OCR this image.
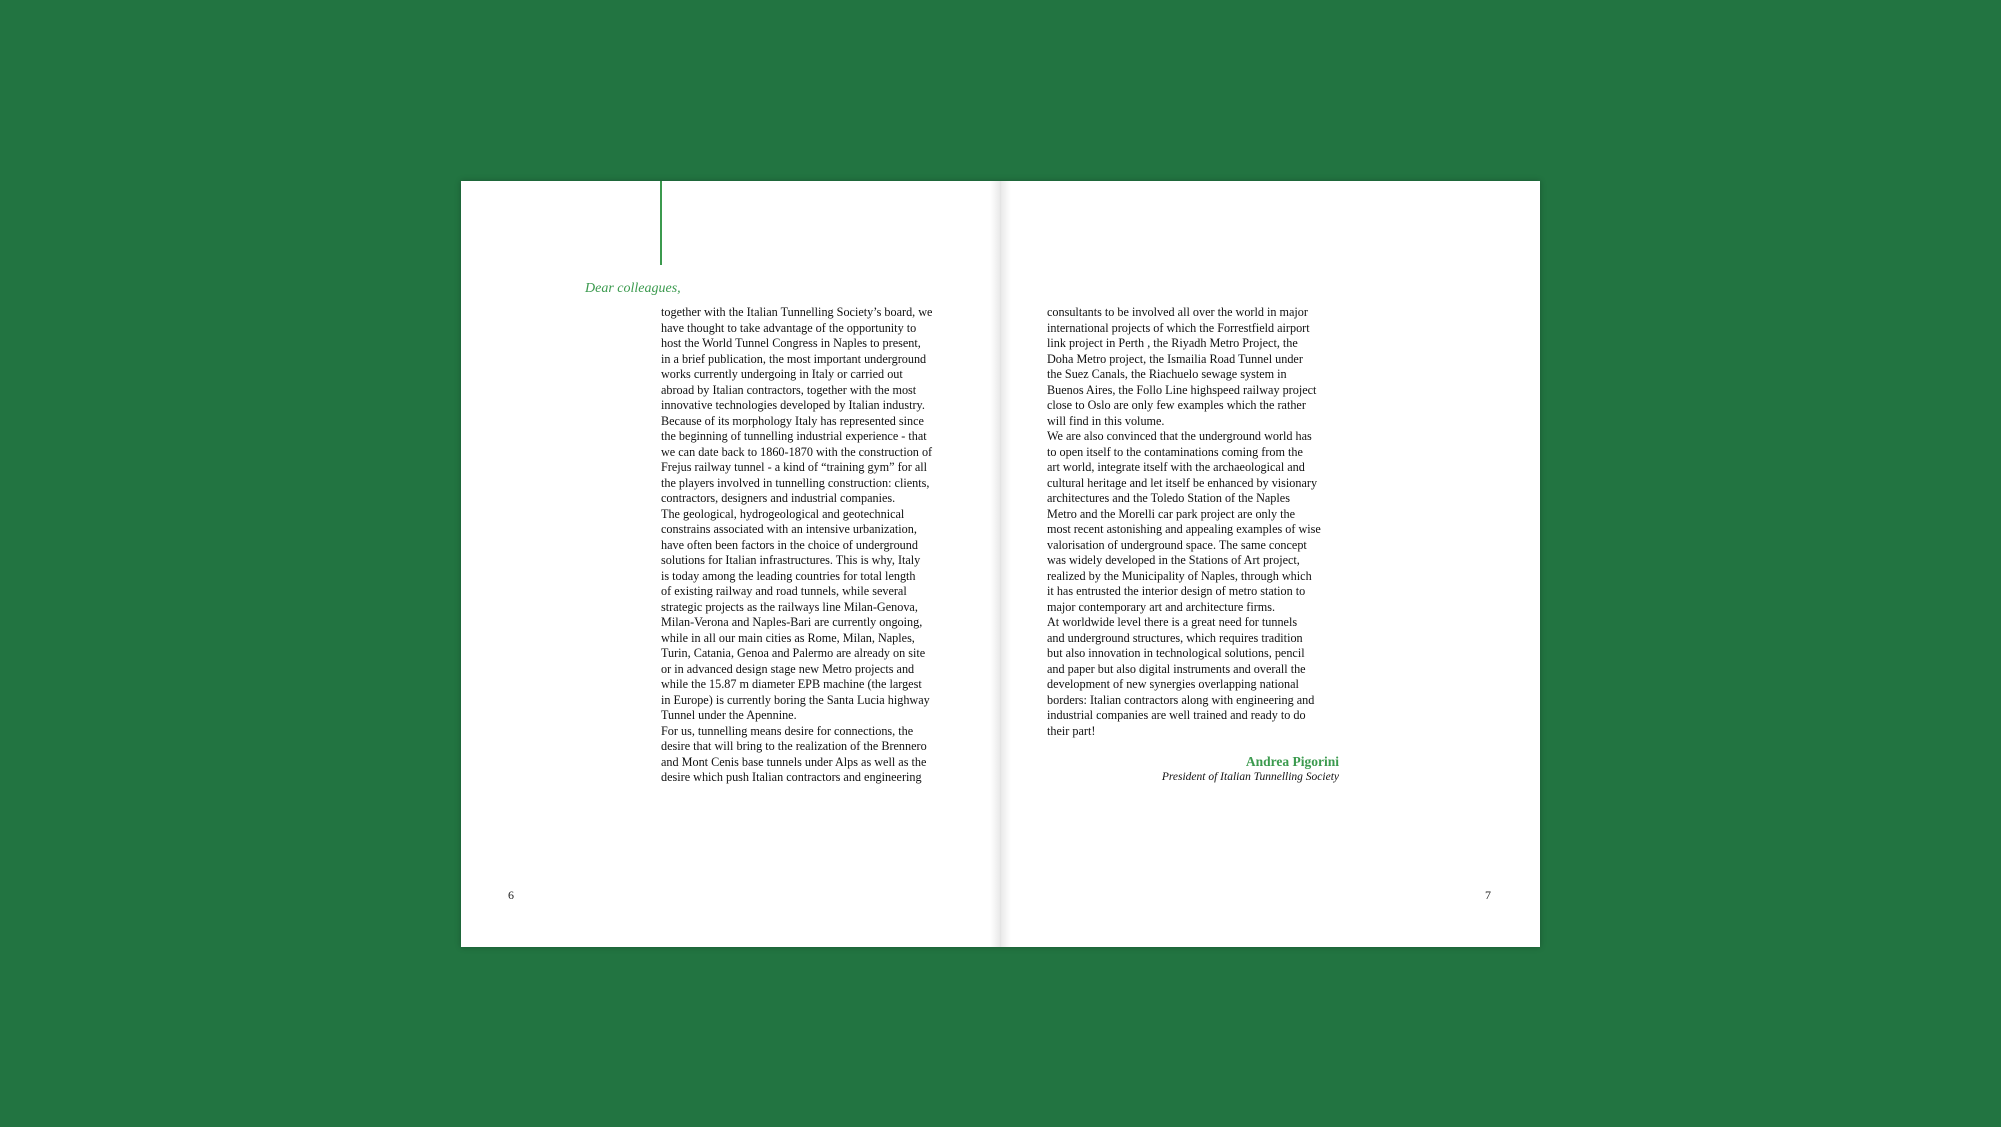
Dear colleagues,
together with the Italian Tunnelling Society’s board, we
have thought to take advantage of the opportunity to
host the World Tunnel Congress in Naples to present,
in a brief publication, the most important underground
works currently undergoing in Italy or carried out
abroad by Italian contractors, together with the most
innovative technologies developed by Italian industry.
Because of its morphology Italy has represented since
the beginning of tunnelling industrial experience - that
we can date back to 1860-1870 with the construction of
Frejus railway tunnel - a kind of “training gym” for all
the players involved in tunnelling construction: clients,
contractors, designers and industrial companies.
The geological, hydrogeological and geotechnical
constrains associated with an intensive urbanization,
have often been factors in the choice of underground
solutions for Italian infrastructures. This is why, Italy
is today among the leading countries for total length
of existing railway and road tunnels, while several
strategic projects as the railways line Milan-Genova,
Milan-Verona and Naples-Bari are currently ongoing,
while in all our main cities as Rome, Milan, Naples,
Turin, Catania, Genoa and Palermo are already on site
or in advanced design stage new Metro projects and
while the 15.87 m diameter EPB machine (the largest
in Europe) is currently boring the Santa Lucia highway
Tunnel under the Apennine.
For us, tunnelling means desire for connections, the
desire that will bring to the realization of the Brennero
and Mont Cenis base tunnels under Alps as well as the
desire which push Italian contractors and engineering
consultants to be involved all over the world in major
international projects of which the Forrestfield airport
link project in Perth , the Riyadh Metro Project, the
Doha Metro project, the Ismailia Road Tunnel under
the Suez Canals, the Riachuelo sewage system in
Buenos Aires, the Follo Line highspeed railway project
close to Oslo are only few examples which the rather
will find in this volume.
We are also convinced that the underground world has
to open itself to the contaminations coming from the
art world, integrate itself with the archaeological and
cultural heritage and let itself be enhanced by visionary
architectures and the Toledo Station of the Naples
Metro and the Morelli car park project are only the
most recent astonishing and appealing examples of wise
valorisation of underground space. The same concept
was widely developed in the Stations of Art project,
realized by the Municipality of Naples, through which
it has entrusted the interior design of metro station to
major contemporary art and architecture firms.
At worldwide level there is a great need for tunnels
and underground structures, which requires tradition
but also innovation in technological solutions, pencil
and paper but also digital instruments and overall the
development of new synergies overlapping national
borders: Italian contractors along with engineering and
industrial companies are well trained and ready to do
their part!
Andrea Pigorini
President of Italian Tunnelling Society
6	7
